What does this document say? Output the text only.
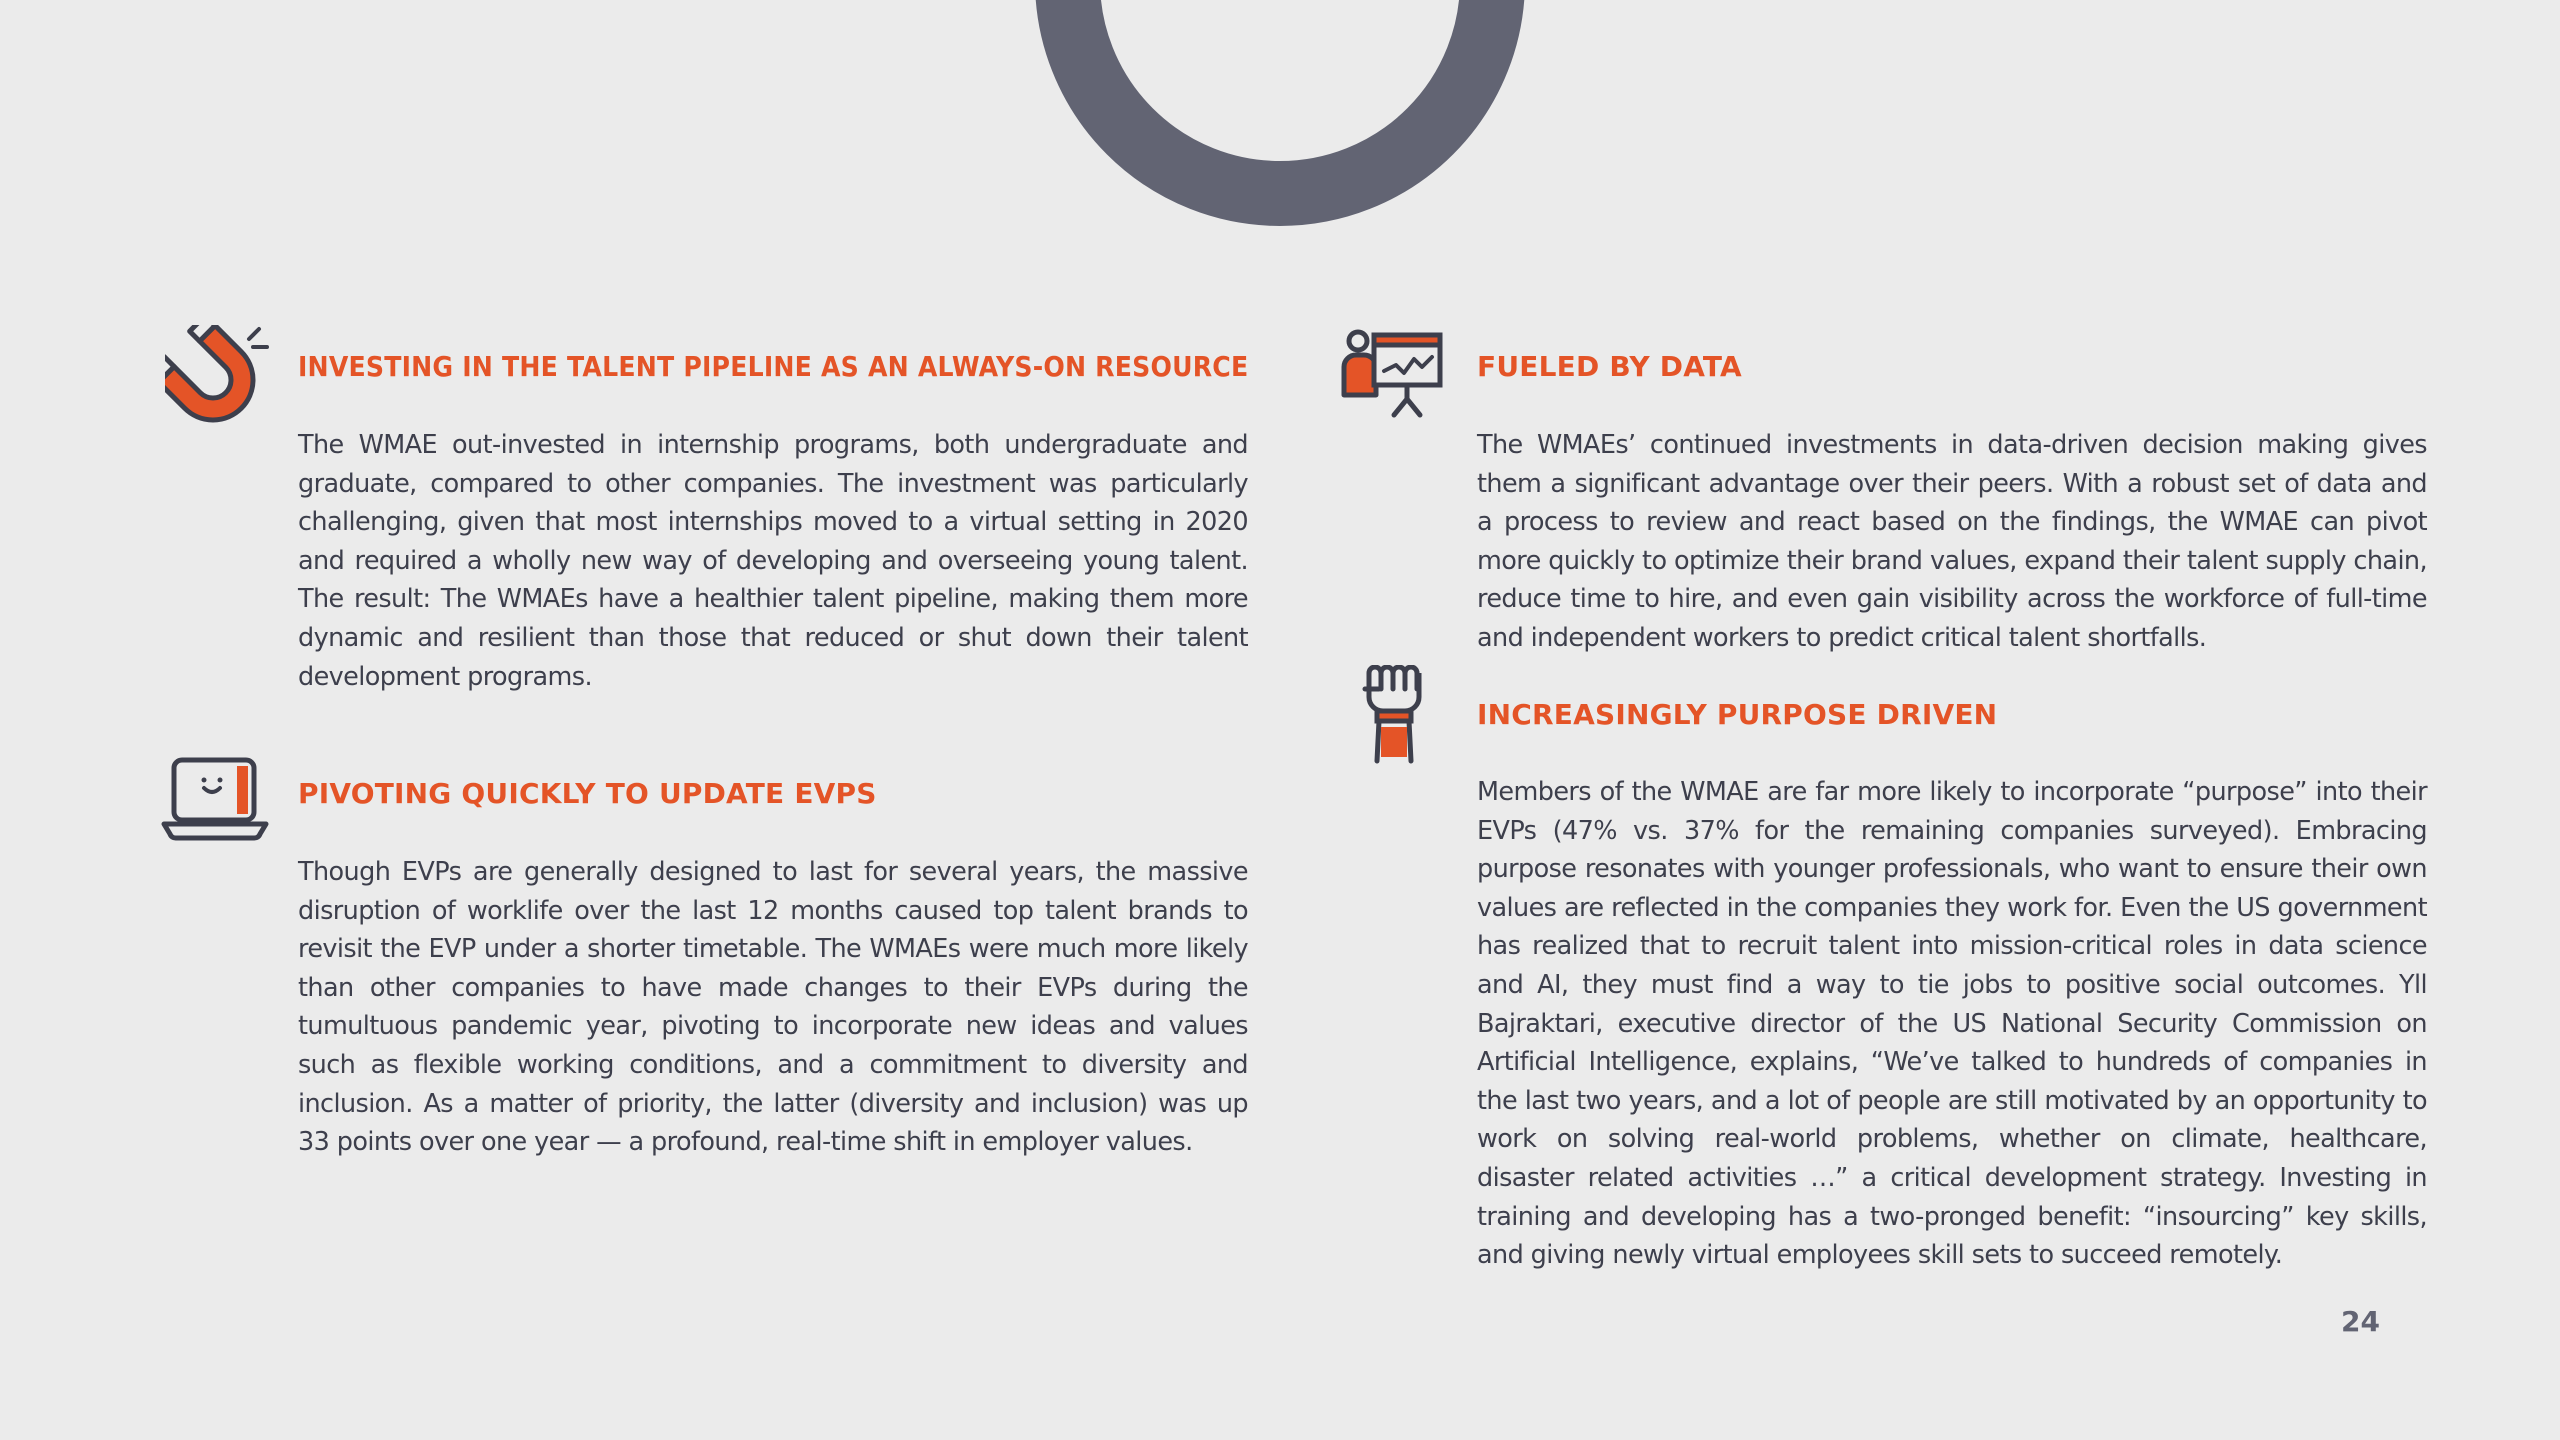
INVESTING IN THE TALENT PIPELINE AS AN ALWAYS-ON RESOURCE
The WMAE out-invested in internship programs, both undergraduate and graduate, compared to other companies. The investment was particularly challenging, given that most internships moved to a virtual setting in 2020 and required a wholly new way of developing and overseeing young talent. The result: The WMAEs have a healthier talent pipeline, making them more dynamic and resilient than those that reduced or shut down their talent development programs.
PIVOTING QUICKLY TO UPDATE EVPS
Though EVPs are generally designed to last for several years, the massive disruption of worklife over the last 12 months caused top talent brands to revisit the EVP under a shorter timetable. The WMAEs were much more likely than other companies to have made changes to their EVPs during the tumultuous pandemic year, pivoting to incorporate new ideas and values such as flexible working conditions, and a commitment to diversity and inclusion. As a matter of priority, the latter (diversity and inclusion) was up 33 points over one year — a profound, real-time shift in employer values.
FUELED BY DATA
The WMAEs’ continued investments in data-driven decision making gives them a significant advantage over their peers. With a robust set of data and a process to review and react based on the findings, the WMAE can pivot more quickly to optimize their brand values, expand their talent supply chain, reduce time to hire, and even gain visibility across the workforce of full-time and independent workers to predict critical talent shortfalls.
INCREASINGLY PURPOSE DRIVEN
Members of the WMAE are far more likely to incorporate “purpose” into their EVPs (47% vs. 37% for the remaining companies surveyed). Embracing purpose resonates with younger professionals, who want to ensure their own values are reflected in the companies they work for. Even the US government has realized that to recruit talent into mission-critical roles in data science and AI, they must find a way to tie jobs to positive social outcomes. Yll Bajraktari, executive director of the US National Security Commission on Artificial Intelligence, explains, “We’ve talked to hundreds of companies in the last two years, and a lot of people are still motivated by an opportunity to work on solving real-world problems, whether on climate, healthcare, disaster related activities …” a critical development strategy. Investing in training and developing has a two-pronged benefit: “insourcing” key skills, and giving newly virtual employees skill sets to succeed remotely.
24
